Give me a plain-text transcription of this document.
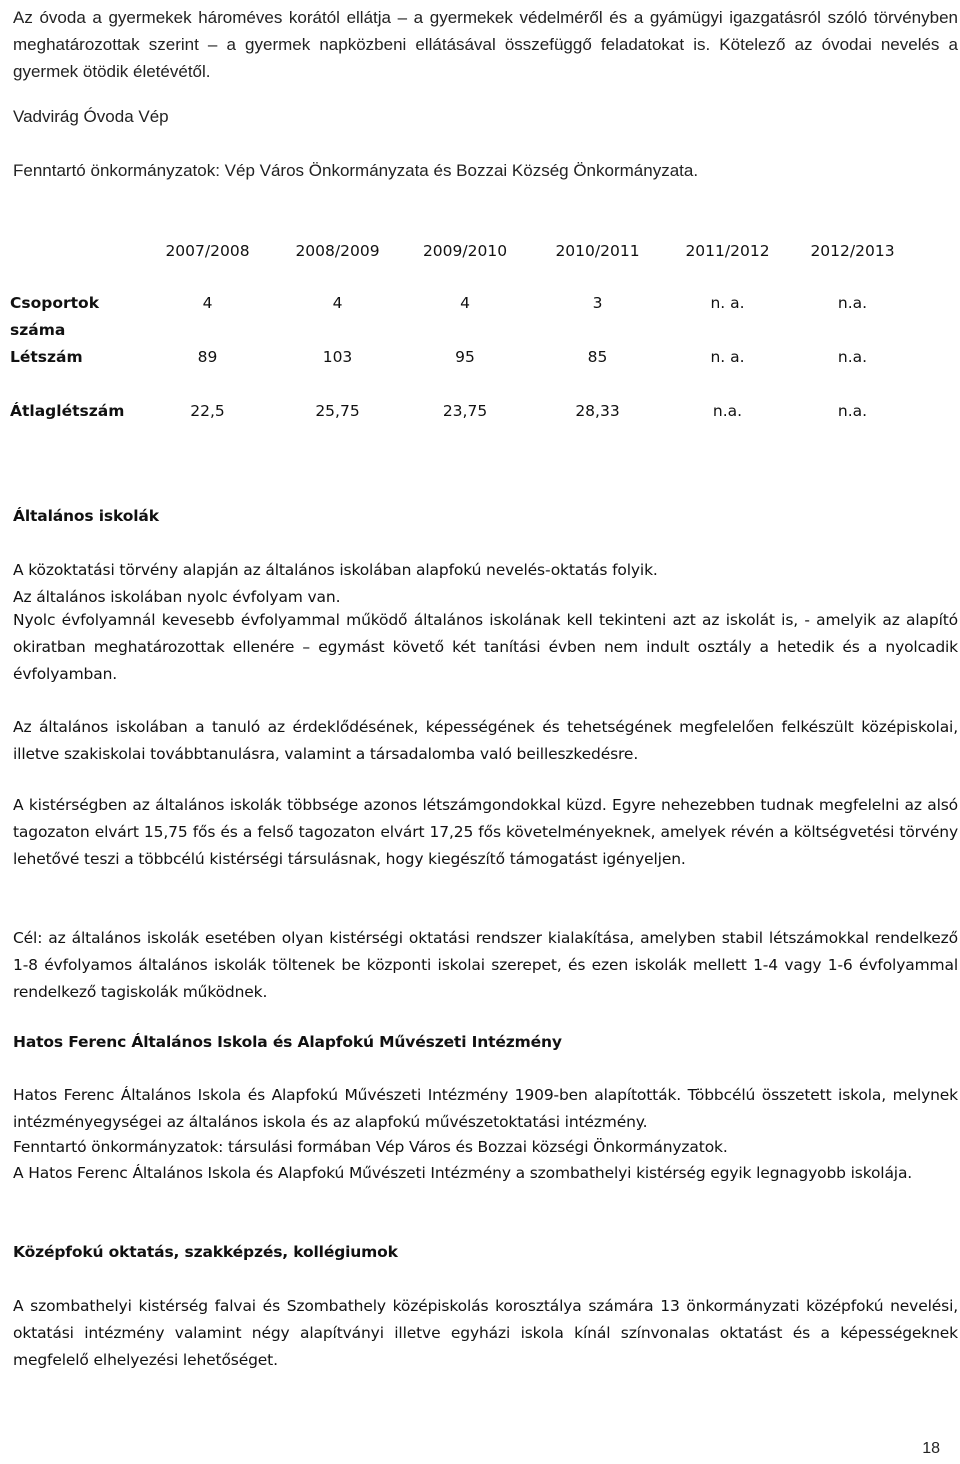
Az óvoda a gyermekek hároméves korától ellátja – a gyermekek védelméről és a gyámügyi igazgatásról szóló törvényben meghatározottak szerint – a gyermek napközbeni ellátásával összefüggő feladatokat is. Kötelező az óvodai nevelés a gyermek ötödik életévétől.

Vadvirág Óvoda Vép

Fenntartó önkormányzatok: Vép Város Önkormányzata és Bozzai Község Önkormányzata.

	2007/2008	2008/2009	2009/2010	2010/2011	2011/2012	2012/2013

Csoportok száma	4	4	4	3	n. a.	n.a.
Létszám	89	103	95	85	n. a.	n.a.
Átlaglétszám	22,5	25,75	23,75	28,33	n.a.	n.a.

Általános iskolák

A közoktatási törvény alapján az általános iskolában alapfokú nevelés-oktatás folyik.

Az általános iskolában nyolc évfolyam van.

Nyolc évfolyamnál kevesebb évfolyammal működő általános iskolának kell tekinteni azt az iskolát is, - amelyik az alapító okiratban meghatározottak ellenére – egymást követő két tanítási évben nem indult osztály a hetedik és a nyolcadik évfolyamban.

Az általános iskolában a tanuló az érdeklődésének, képességének és tehetségének megfelelően felkészült középiskolai, illetve szakiskolai továbbtanulásra, valamint a társadalomba való beilleszkedésre.

A kistérségben az általános iskolák többsége azonos létszámgondokkal küzd. Egyre nehezebben tudnak megfelelni az alsó tagozaton elvárt 15,75 fős és a felső tagozaton elvárt 17,25 fős követelményeknek, amelyek révén a költségvetési törvény lehetővé teszi a többcélú kistérségi társulásnak, hogy kiegészítő támogatást igényeljen.

Cél: az általános iskolák esetében olyan kistérségi oktatási rendszer kialakítása, amelyben stabil létszámokkal rendelkező 1-8 évfolyamos általános iskolák töltenek be központi iskolai szerepet, és ezen iskolák mellett 1-4 vagy 1-6 évfolyammal rendelkező tagiskolák működnek.

Hatos Ferenc Általános Iskola és Alapfokú Művészeti Intézmény

Hatos Ferenc Általános Iskola és Alapfokú Művészeti Intézmény 1909-ben alapították. Többcélú összetett iskola, melynek intézményegységei az általános iskola és az alapfokú művészetoktatási intézmény.

Fenntartó önkormányzatok: társulási formában Vép Város és Bozzai községi Önkormányzatok.

A Hatos Ferenc Általános Iskola és Alapfokú Művészeti Intézmény a szombathelyi kistérség egyik legnagyobb iskolája.

Középfokú oktatás, szakképzés, kollégiumok

A szombathelyi kistérség falvai és Szombathely középiskolás korosztálya számára 13 önkormányzati középfokú nevelési, oktatási intézmény valamint négy alapítványi illetve egyházi iskola kínál színvonalas oktatást és a képességeknek megfelelő elhelyezési lehetőséget.

18
